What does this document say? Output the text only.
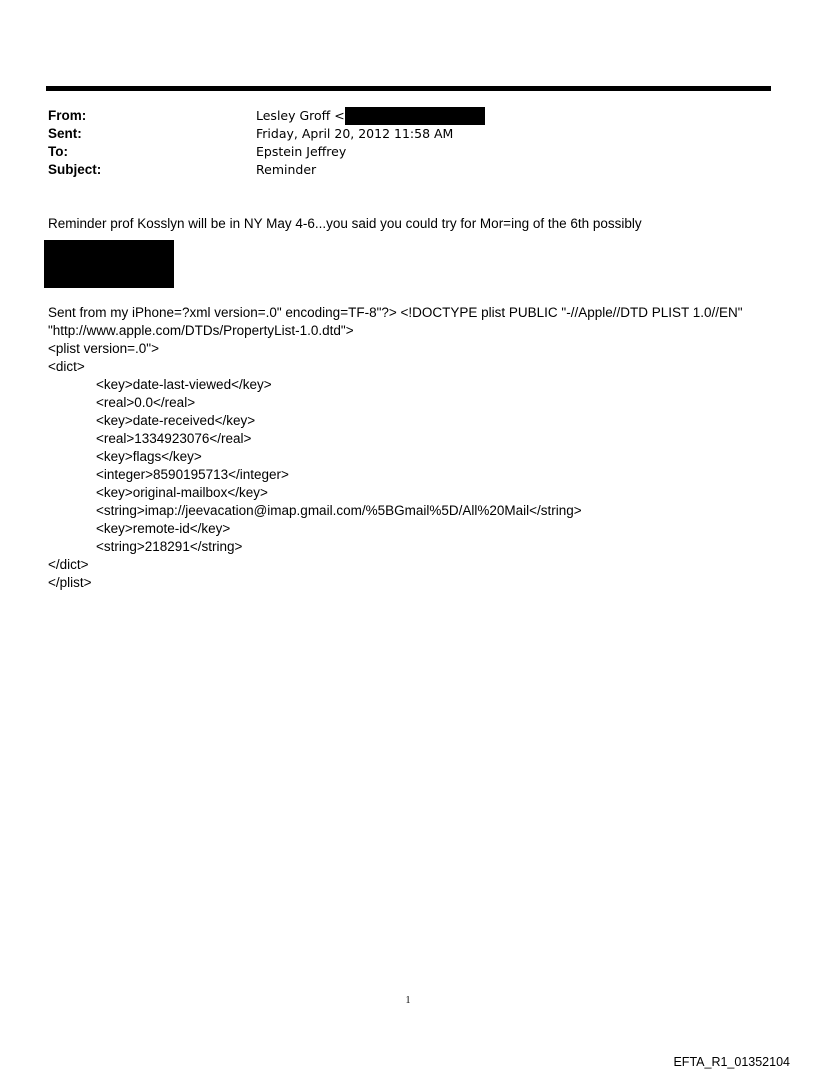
From:	Lesley Groff <
Sent:	Friday, April 20, 2012 11:58 AM
To:	Epstein Jeffrey
Subject:	Reminder
Reminder prof Kosslyn will be in NY May 4-6...you said you could try for Mor=ing of the 6th possibly
Sent from my iPhone=?xml version=.0" encoding=TF-8"?> <!DOCTYPE plist PUBLIC "-//Apple//DTD PLIST 1.0//EN"
"http://www.apple.com/DTDs/PropertyList-1.0.dtd">
<plist version=.0">
<dict>
<key>date-last-viewed</key>
<real>0.0</real>
<key>date-received</key>
<real>1334923076</real>
<key>flags</key>
<integer>8590195713</integer>
<key>original-mailbox</key>
<string>imap://jeevacation@imap.gmail.com/%5BGmail%5D/All%20Mail</string>
<key>remote-id</key>
<string>218291</string>
</dict>
</plist>
1
EFTA_R1_01352104
